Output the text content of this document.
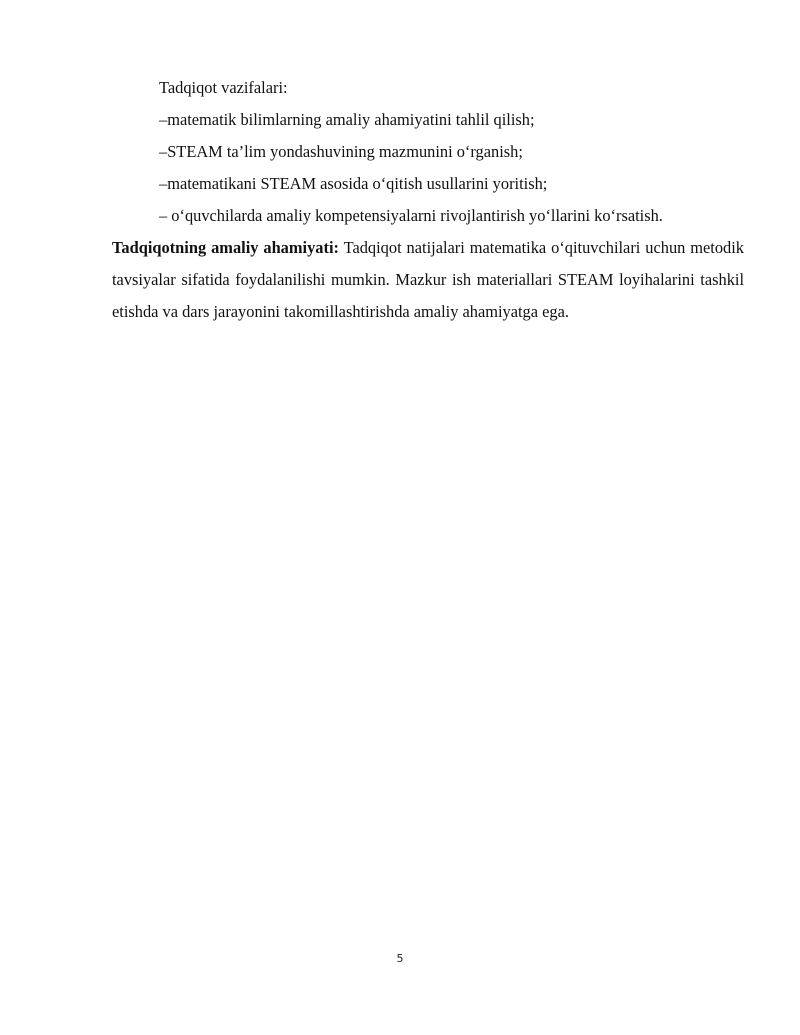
Tadqiqot vazifalari:

–matematik bilimlarning amaliy ahamiyatini tahlil qilish;

–STEAM ta’lim yondashuvining mazmunini o‘rganish;

–matematikani STEAM asosida o‘qitish usullarini yoritish;

– o‘quvchilarda amaliy kompetensiyalarni rivojlantirish yo‘llarini ko‘rsatish.

Tadqiqotning amaliy ahamiyati: Tadqiqot natijalari matematika o‘qituvchilari uchun metodik tavsiyalar sifatida foydalanilishi mumkin. Mazkur ish materiallari STEAM loyihalarini tashkil etishda va dars jarayonini takomillashtirishda amaliy ahamiyatga ega.

5
